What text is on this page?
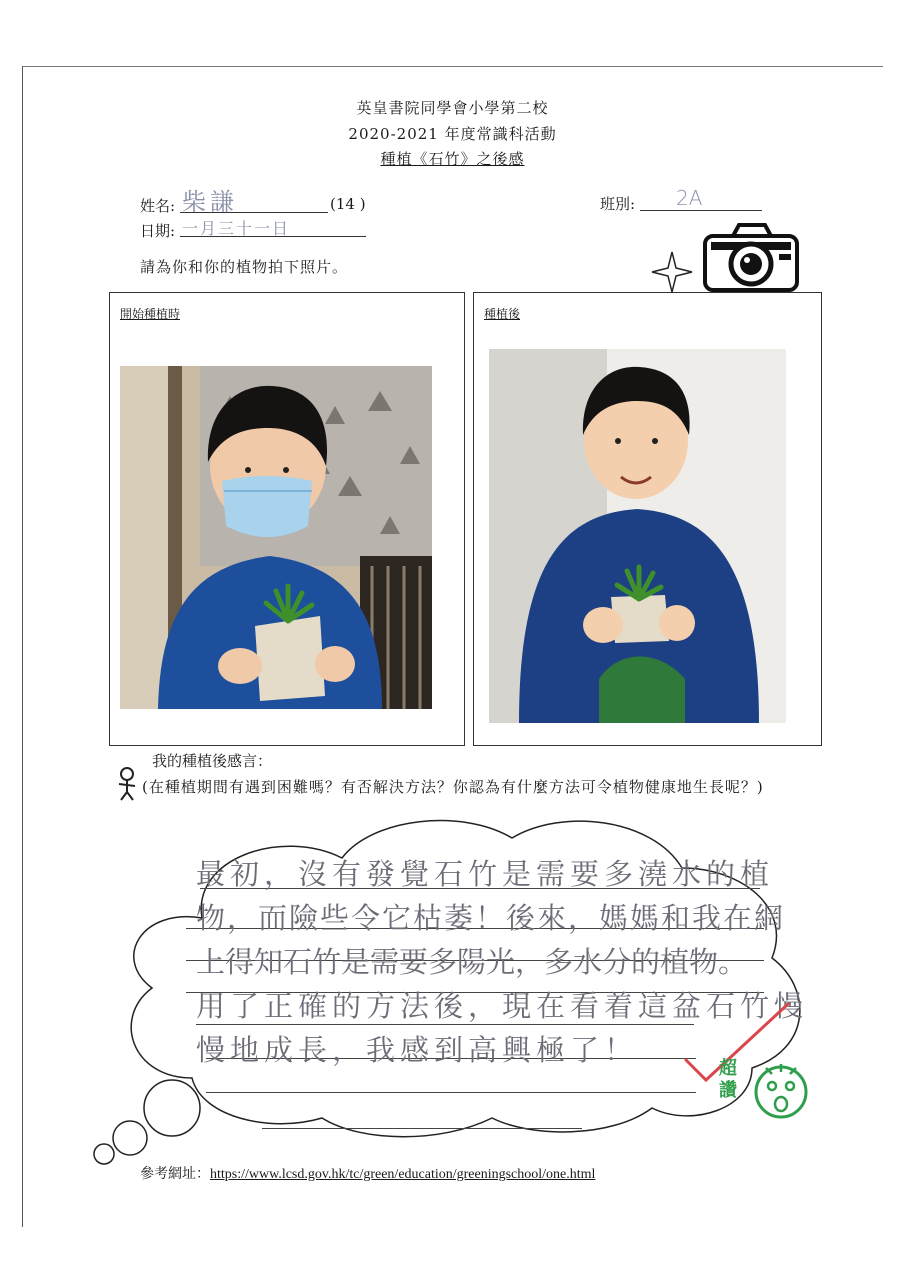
英皇書院同學會小學第二校
2020-2021 年度常識科活動
種植《石竹》之後感
姓名: 柴謙	(14 )	班別: 2A
日期: 一月三十一日
請為你和你的植物拍下照片。
開始種植時	種植後
我的種植後感言：
(在種植期間有遇到困難嗎？有否解決方法？你認為有什麼方法可令植物健康地生長呢？)
最初，沒有發覺石竹是需要多澆水的植
物，而險些令它枯萎！後來，媽媽和我在網
上得知石竹是需要多陽光，多水分的植物。
用了正確的方法後，現在看着這盆石竹慢
慢地成長，我感到高興極了！
超讚
參考網址：https://www.lcsd.gov.hk/tc/green/education/greeningschool/one.html
